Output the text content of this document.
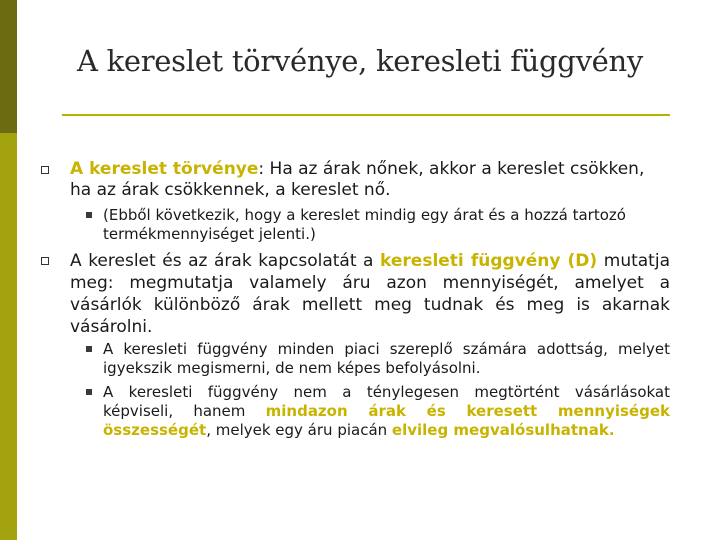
A kereslet törvénye, keresleti függvény
A kereslet törvénye: Ha az árak nőnek, akkor a kereslet csökken, ha az árak csökkennek, a kereslet nő.
(Ebből következik, hogy a kereslet mindig egy árat és a hozzá tartozó termékmennyiséget jelenti.)
A kereslet és az árak kapcsolatát a keresleti függvény (D) mutatja meg: megmutatja valamely áru azon mennyiségét, amelyet a vásárlók különböző árak mellett meg tudnak és meg is akarnak vásárolni.
A keresleti függvény minden piaci szereplő számára adottság, melyet igyekszik megismerni, de nem képes befolyásolni.
A keresleti függvény nem a ténylegesen megtörtént vásárlásokat képviseli, hanem mindazon árak és keresett mennyiségek összességét, melyek egy áru piacán elvileg megvalósulhatnak.
